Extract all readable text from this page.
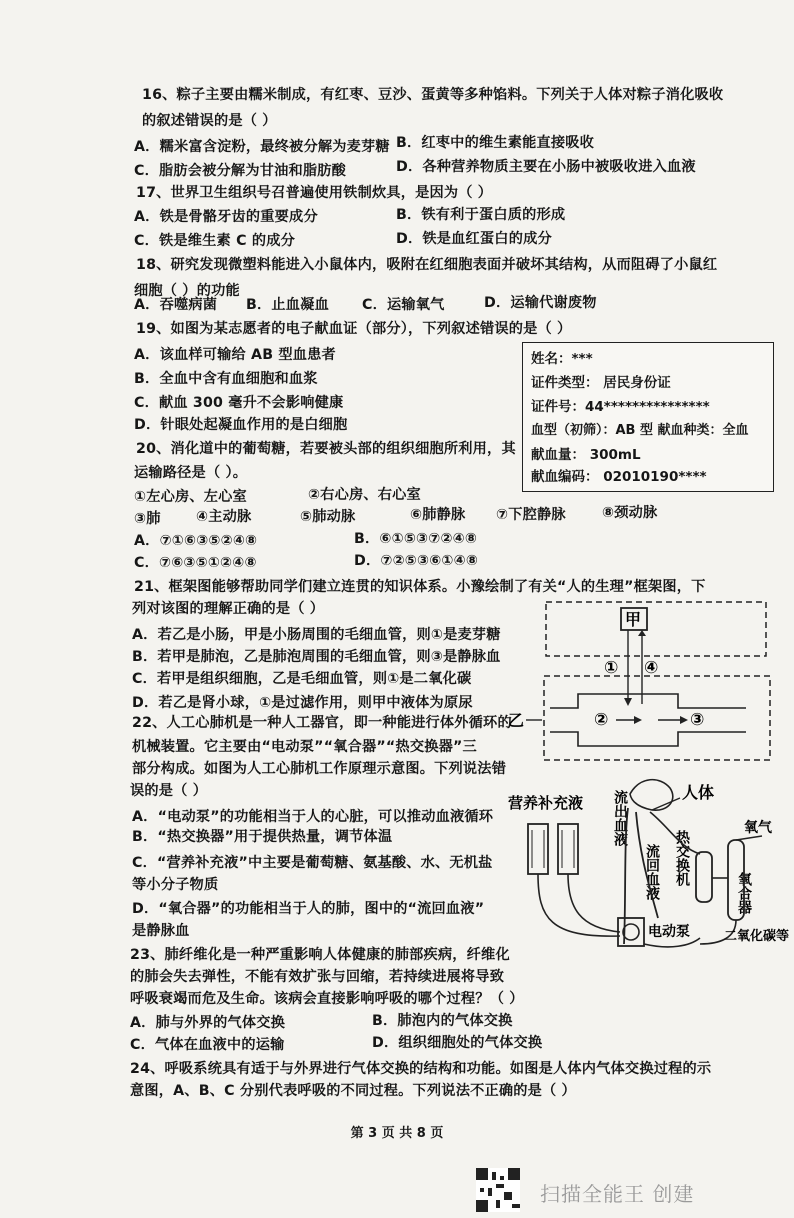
16、粽子主要由糯米制成，有红枣、豆沙、蛋黄等多种馅料。下列关于人体对粽子消化吸收
的叙述错误的是（ ）
A．糯米富含淀粉，最终被分解为麦芽糖 B．红枣中的维生素能直接吸收
C．脂肪会被分解为甘油和脂肪酸	D．各种营养物质主要在小肠中被吸收进入血液
17、世界卫生组织号召普遍使用铁制炊具，是因为（ ）
A．铁是骨骼牙齿的重要成分	B．铁有利于蛋白质的形成
C．铁是维生素 C 的成分	D．铁是血红蛋白的成分
18、研究发现微塑料能进入小鼠体内，吸附在红细胞表面并破坏其结构，从而阻碍了小鼠红
细胞（ ）的功能
A．吞噬病菌 B．止血凝血 C．运输氧气	D．运输代谢废物
19、如图为某志愿者的电子献血证（部分），下列叙述错误的是（ ）
A．该血样可输给 AB 型血患者
B．全血中含有血细胞和血浆
C．献血 300 毫升不会影响健康
D．针眼处起凝血作用的是白细胞
姓名：***
证件类型： 居民身份证
证件号：44***************
血型（初筛）：AB 型 献血种类：全血
献血量： 300mL
献血编码： 02010190****
20、消化道中的葡萄糖，若要被头部的组织细胞所利用，其
运输路径是（ ）。
①左心房、左心室	②右心房、右心室
③肺 ④主动脉	⑤肺动脉	⑥肺静脉 ⑦下腔静脉	⑧颈动脉
A．⑦①⑥③⑤②④⑧	B．⑥①⑤③⑦②④⑧
C．⑦⑥③⑤①②④⑧	D．⑦②⑤③⑥①④⑧
21、框架图能够帮助同学们建立连贯的知识体系。小豫绘制了有关“人的生理”框架图，下
列对该图的理解正确的是（ ）
A．若乙是小肠，甲是小肠周围的毛细血管，则①是麦芽糖
B．若甲是肺泡，乙是肺泡周围的毛细血管，则③是静脉血
C．若甲是组织细胞，乙是毛细血管，则①是二氧化碳
D．若乙是肾小球，①是过滤作用，则甲中液体为原尿
甲
① ④
乙	②	③
22、人工心肺机是一种人工器官，即一种能进行体外循环的
机械装置。它主要由“电动泵”“氧合器”“热交换器”三
部分构成。如图为人工心肺机工作原理示意图。下列说法错
误的是（ ）
A．“电动泵”的功能相当于人的心脏，可以推动血液循环
B．“热交换器”用于提供热量，调节体温
C．“营养补充液”中主要是葡萄糖、氨基酸、水、无机盐
等小分子物质
D．“氧合器”的功能相当于人的肺，图中的“流回血液”
是静脉血
营养补充液
人体
流出血液
流回血液 热交换机
氧合器
氧气
二氧化碳等
电动泵
23、肺纤维化是一种严重影响人体健康的肺部疾病，纤维化
的肺会失去弹性，不能有效扩张与回缩，若持续进展将导致
呼吸衰竭而危及生命。该病会直接影响呼吸的哪个过程？（ ）
A．肺与外界的气体交换	B．肺泡内的气体交换
C．气体在血液中的运输	D．组织细胞处的气体交换
24、呼吸系统具有适于与外界进行气体交换的结构和功能。如图是人体内气体交换过程的示
意图，A、B、C 分别代表呼吸的不同过程。下列说法不正确的是（ ）
第 3 页 共 8 页
扫描全能王 创建
